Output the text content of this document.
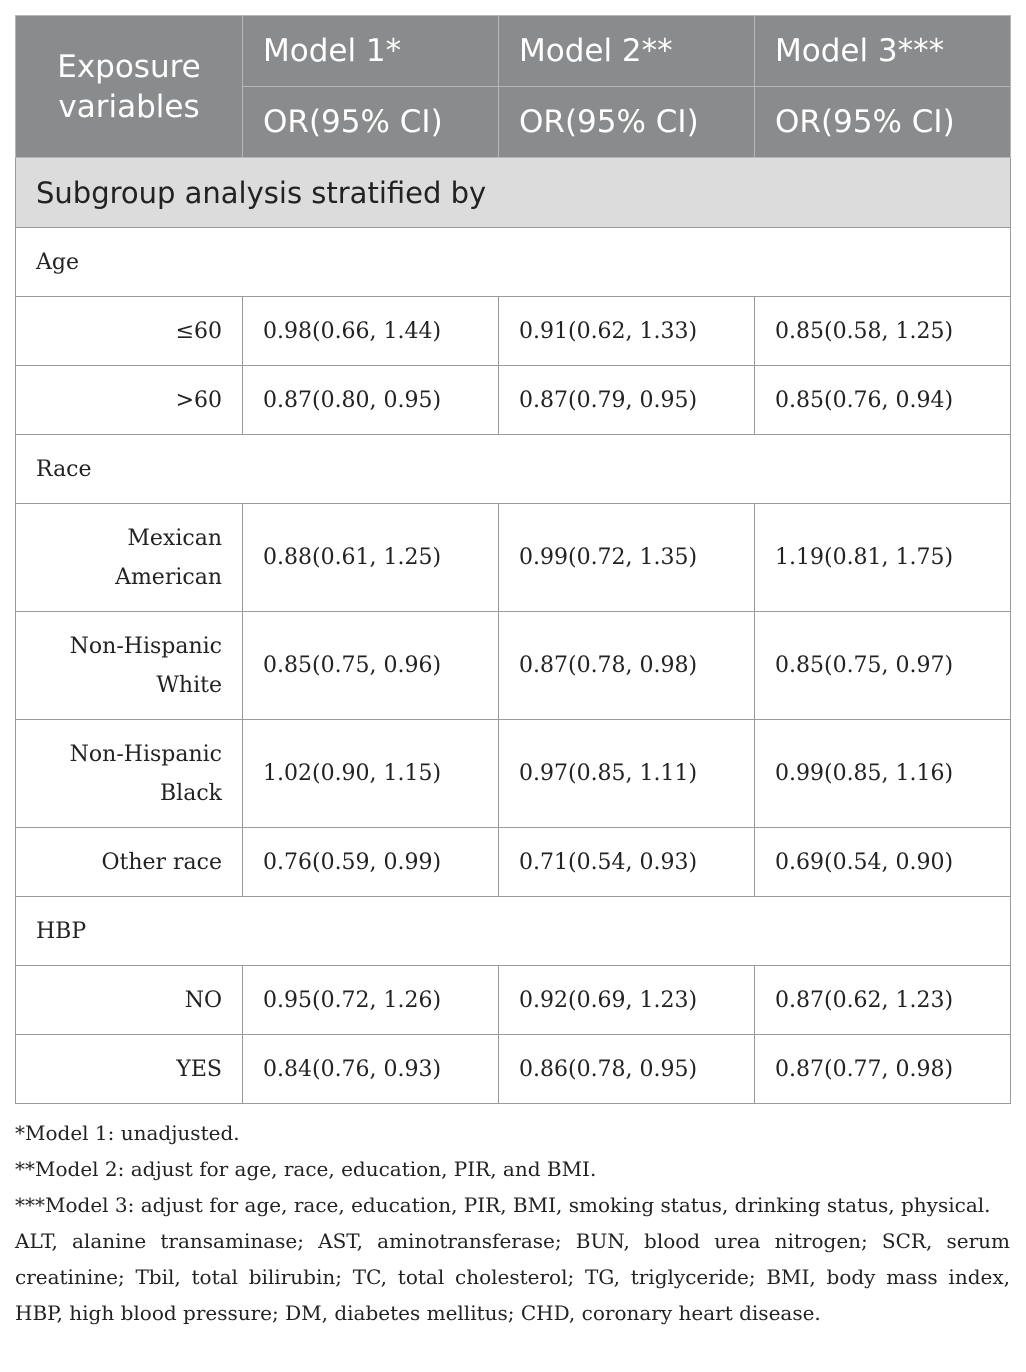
Exposure variables	Model 1*	Model 2**	Model 3***
	OR(95% CI)	OR(95% CI)	OR(95% CI)
Subgroup analysis stratified by			
Age			
≤60	0.98(0.66, 1.44)	0.91(0.62, 1.33)	0.85(0.58, 1.25)
>60	0.87(0.80, 0.95)	0.87(0.79, 0.95)	0.85(0.76, 0.94)
Race			
Mexican American	0.88(0.61, 1.25)	0.99(0.72, 1.35)	1.19(0.81, 1.75)
Non-Hispanic White	0.85(0.75, 0.96)	0.87(0.78, 0.98)	0.85(0.75, 0.97)
Non-Hispanic Black	1.02(0.90, 1.15)	0.97(0.85, 1.11)	0.99(0.85, 1.16)
Other race	0.76(0.59, 0.99)	0.71(0.54, 0.93)	0.69(0.54, 0.90)
HBP			
NO	0.95(0.72, 1.26)	0.92(0.69, 1.23)	0.87(0.62, 1.23)
YES	0.84(0.76, 0.93)	0.86(0.78, 0.95)	0.87(0.77, 0.98)

*Model 1: unadjusted.

**Model 2: adjust for age, race, education, PIR, and BMI.

***Model 3: adjust for age, race, education, PIR, BMI, smoking status, drinking status, physical.

ALT, alanine transaminase; AST, aminotransferase; BUN, blood urea nitrogen; SCR, serum creatinine; Tbil, total bilirubin; TC, total cholesterol; TG, triglyceride; BMI, body mass index, HBP, high blood pressure; DM, diabetes mellitus; CHD, coronary heart disease.
